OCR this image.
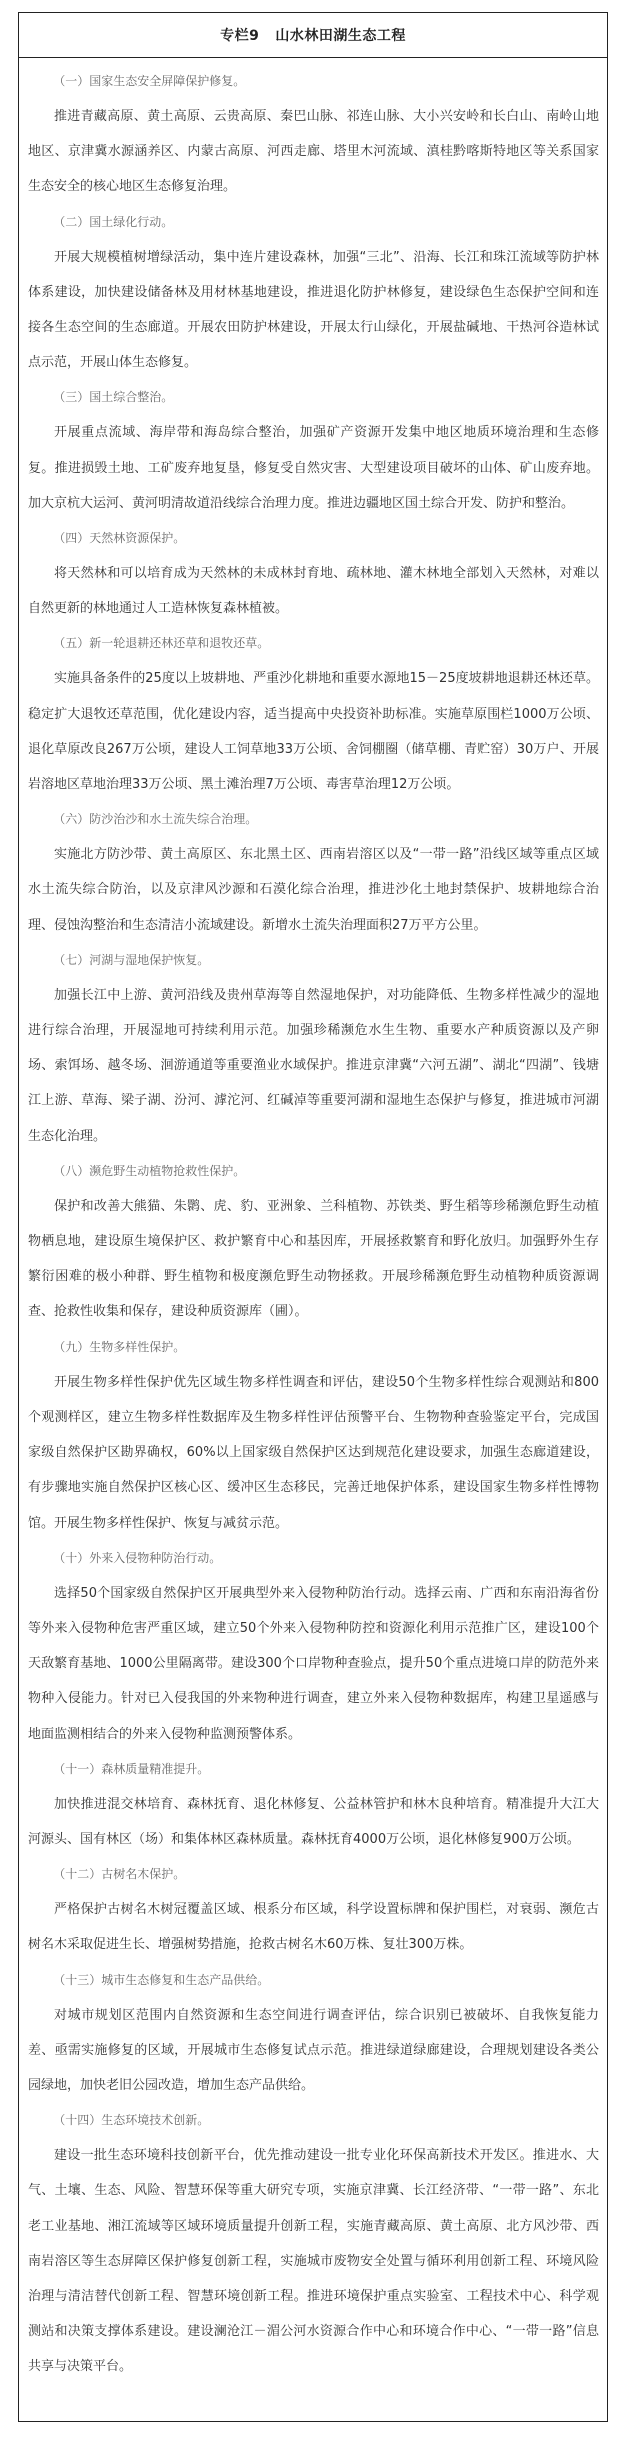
专栏9 山水林田湖生态工程

（一）国家生态安全屏障保护修复。

推进青藏高原、黄土高原、云贵高原、秦巴山脉、祁连山脉、大小兴安岭和长白山、南岭山地地区、京津冀水源涵养区、内蒙古高原、河西走廊、塔里木河流域、滇桂黔喀斯特地区等关系国家生态安全的核心地区生态修复治理。

（二）国土绿化行动。

开展大规模植树增绿活动，集中连片建设森林，加强“三北”、沿海、长江和珠江流域等防护林体系建设，加快建设储备林及用材林基地建设，推进退化防护林修复，建设绿色生态保护空间和连接各生态空间的生态廊道。开展农田防护林建设，开展太行山绿化，开展盐碱地、干热河谷造林试点示范，开展山体生态修复。

（三）国土综合整治。

开展重点流域、海岸带和海岛综合整治，加强矿产资源开发集中地区地质环境治理和生态修复。推进损毁土地、工矿废弃地复垦，修复受自然灾害、大型建设项目破坏的山体、矿山废弃地。加大京杭大运河、黄河明清故道沿线综合治理力度。推进边疆地区国土综合开发、防护和整治。

（四）天然林资源保护。

将天然林和可以培育成为天然林的未成林封育地、疏林地、灌木林地全部划入天然林，对难以自然更新的林地通过人工造林恢复森林植被。

（五）新一轮退耕还林还草和退牧还草。

实施具备条件的25度以上坡耕地、严重沙化耕地和重要水源地15－25度坡耕地退耕还林还草。稳定扩大退牧还草范围，优化建设内容，适当提高中央投资补助标准。实施草原围栏1000万公顷、退化草原改良267万公顷，建设人工饲草地33万公顷、舍饲棚圈（储草棚、青贮窑）30万户、开展岩溶地区草地治理33万公顷、黑土滩治理7万公顷、毒害草治理12万公顷。

（六）防沙治沙和水土流失综合治理。

实施北方防沙带、黄土高原区、东北黑土区、西南岩溶区以及“一带一路”沿线区域等重点区域水土流失综合防治，以及京津风沙源和石漠化综合治理，推进沙化土地封禁保护、坡耕地综合治理、侵蚀沟整治和生态清洁小流域建设。新增水土流失治理面积27万平方公里。

（七）河湖与湿地保护恢复。

加强长江中上游、黄河沿线及贵州草海等自然湿地保护，对功能降低、生物多样性减少的湿地进行综合治理，开展湿地可持续利用示范。加强珍稀濒危水生生物、重要水产种质资源以及产卵场、索饵场、越冬场、洄游通道等重要渔业水域保护。推进京津冀“六河五湖”、湖北“四湖”、钱塘江上游、草海、梁子湖、汾河、滹沱河、红碱淖等重要河湖和湿地生态保护与修复，推进城市河湖生态化治理。

（八）濒危野生动植物抢救性保护。

保护和改善大熊猫、朱鹮、虎、豹、亚洲象、兰科植物、苏铁类、野生稻等珍稀濒危野生动植物栖息地，建设原生境保护区、救护繁育中心和基因库，开展拯救繁育和野化放归。加强野外生存繁衍困难的极小种群、野生植物和极度濒危野生动物拯救。开展珍稀濒危野生动植物种质资源调查、抢救性收集和保存，建设种质资源库（圃）。

（九）生物多样性保护。

开展生物多样性保护优先区域生物多样性调查和评估，建设50个生物多样性综合观测站和800个观测样区，建立生物多样性数据库及生物多样性评估预警平台、生物物种查验鉴定平台，完成国家级自然保护区勘界确权，60%以上国家级自然保护区达到规范化建设要求，加强生态廊道建设，有步骤地实施自然保护区核心区、缓冲区生态移民，完善迁地保护体系，建设国家生物多样性博物馆。开展生物多样性保护、恢复与减贫示范。

（十）外来入侵物种防治行动。

选择50个国家级自然保护区开展典型外来入侵物种防治行动。选择云南、广西和东南沿海省份等外来入侵物种危害严重区域，建立50个外来入侵物种防控和资源化利用示范推广区，建设100个天敌繁育基地、1000公里隔离带。建设300个口岸物种查验点，提升50个重点进境口岸的防范外来物种入侵能力。针对已入侵我国的外来物种进行调查，建立外来入侵物种数据库，构建卫星遥感与地面监测相结合的外来入侵物种监测预警体系。

（十一）森林质量精准提升。

加快推进混交林培育、森林抚育、退化林修复、公益林管护和林木良种培育。精准提升大江大河源头、国有林区（场）和集体林区森林质量。森林抚育4000万公顷，退化林修复900万公顷。

（十二）古树名木保护。

严格保护古树名木树冠覆盖区域、根系分布区域，科学设置标牌和保护围栏，对衰弱、濒危古树名木采取促进生长、增强树势措施，抢救古树名木60万株、复壮300万株。

（十三）城市生态修复和生态产品供给。

对城市规划区范围内自然资源和生态空间进行调查评估，综合识别已被破坏、自我恢复能力差、亟需实施修复的区域，开展城市生态修复试点示范。推进绿道绿廊建设，合理规划建设各类公园绿地，加快老旧公园改造，增加生态产品供给。

（十四）生态环境技术创新。

建设一批生态环境科技创新平台，优先推动建设一批专业化环保高新技术开发区。推进水、大气、土壤、生态、风险、智慧环保等重大研究专项，实施京津冀、长江经济带、“一带一路”、东北老工业基地、湘江流域等区域环境质量提升创新工程，实施青藏高原、黄土高原、北方风沙带、西南岩溶区等生态屏障区保护修复创新工程，实施城市废物安全处置与循环利用创新工程、环境风险治理与清洁替代创新工程、智慧环境创新工程。推进环境保护重点实验室、工程技术中心、科学观测站和决策支撑体系建设。建设澜沧江－湄公河水资源合作中心和环境合作中心、“一带一路”信息共享与决策平台。
